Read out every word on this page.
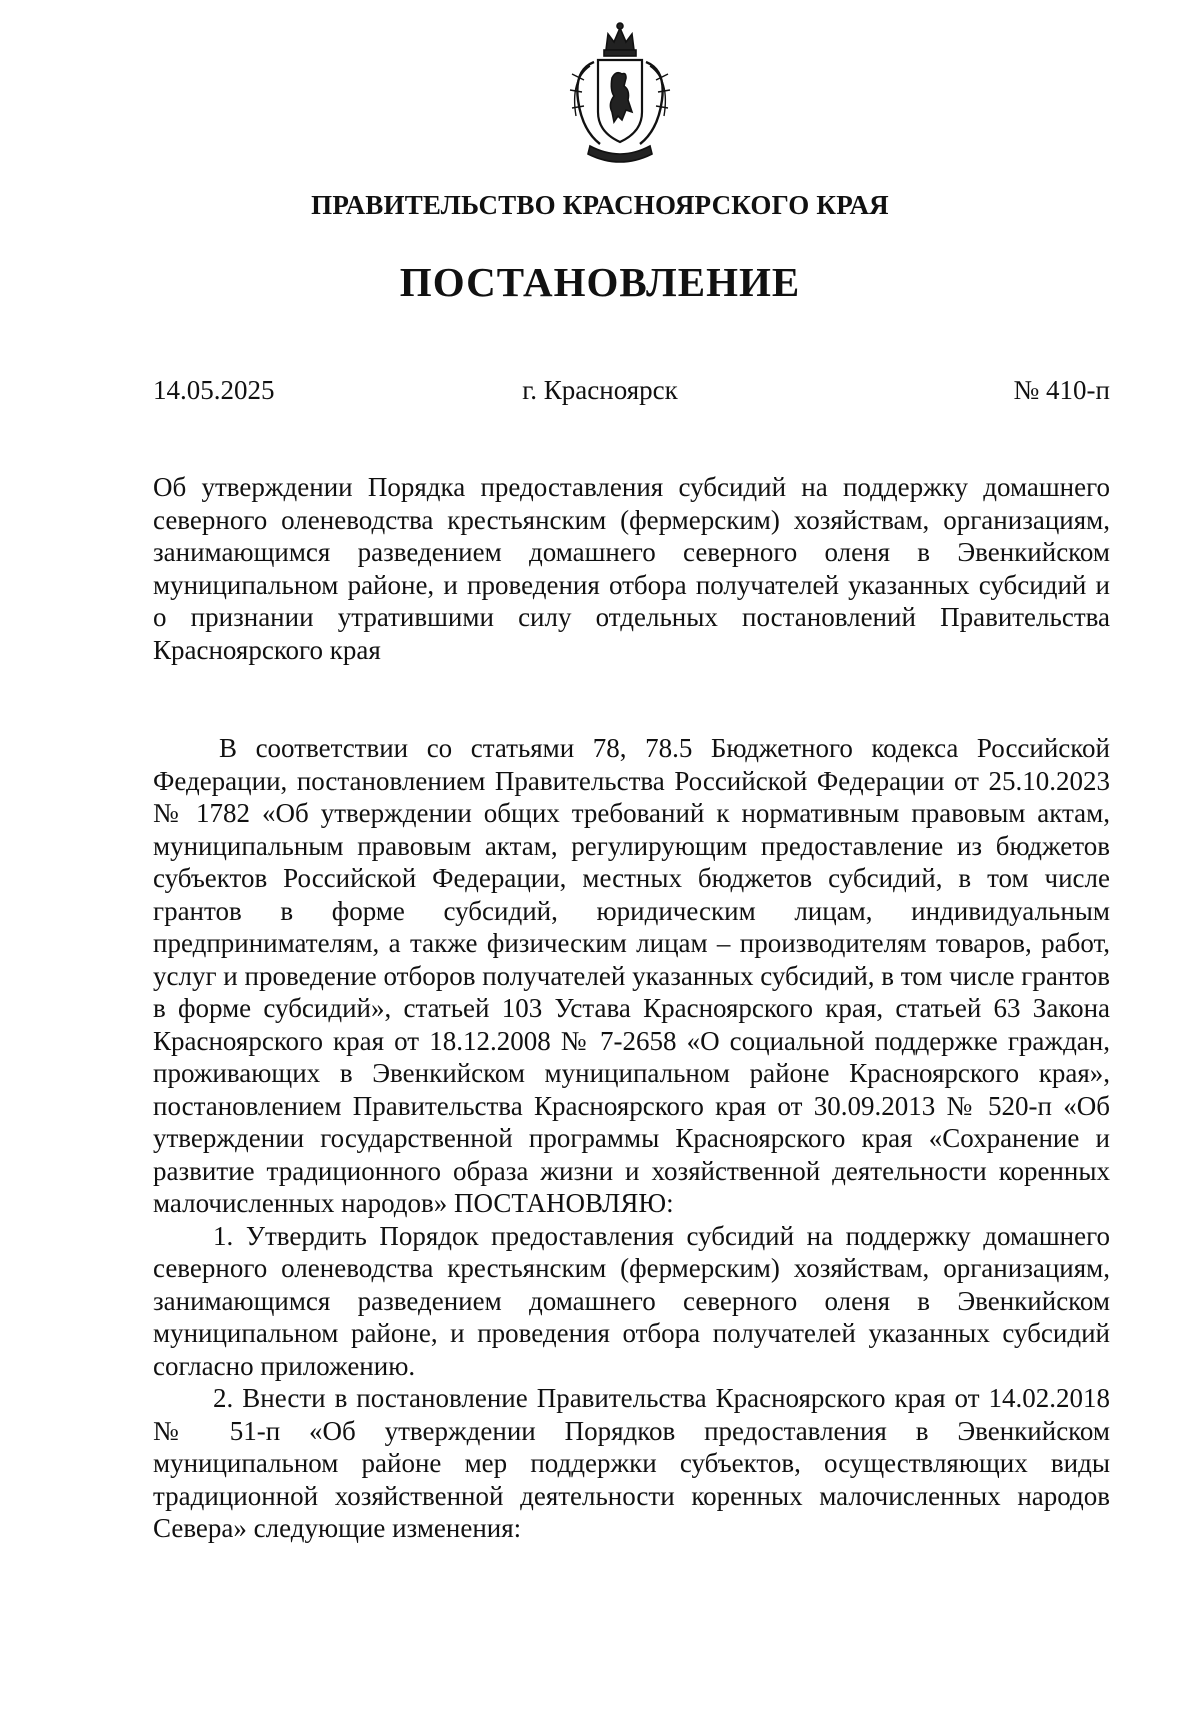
ПРАВИТЕЛЬСТВО КРАСНОЯРСКОГО КРАЯ
ПОСТАНОВЛЕНИЕ
14.05.2025	г. Красноярск	№ 410-п

Об утверждении Порядка предоставления субсидий на поддержку домашнего северного оленеводства крестьянским (фермерским) хозяйствам, организациям, занимающимся разведением домашнего северного оленя в Эвенкийском муниципальном районе, и проведения отбора получателей указанных субсидий и о признании утратившими силу отдельных постановлений Правительства Красноярского края

В соответствии со статьями 78, 78.5 Бюджетного кодекса Российской Федерации, постановлением Правительства Российской Федерации от 25.10.2023 № 1782 «Об утверждении общих требований к нормативным правовым актам, муниципальным правовым актам, регулирующим предоставление из бюджетов субъектов Российской Федерации, местных бюджетов субсидий, в том числе грантов в форме субсидий, юридическим лицам, индивидуальным предпринимателям, а также физическим лицам – производителям товаров, работ, услуг и проведение отборов получателей указанных субсидий, в том числе грантов в форме субсидий», статьей 103 Устава Красноярского края, статьей 63 Закона Красноярского края от 18.12.2008 № 7-2658 «О социальной поддержке граждан, проживающих в Эвенкийском муниципальном районе Красноярского края», постановлением Правительства Красноярского края от 30.09.2013 № 520-п «Об утверждении государственной программы Красноярского края «Сохранение и развитие традиционного образа жизни и хозяйственной деятельности коренных малочисленных народов» ПОСТАНОВЛЯЮ:

1. Утвердить Порядок предоставления субсидий на поддержку домашнего северного оленеводства крестьянским (фермерским) хозяйствам, организациям, занимающимся разведением домашнего северного оленя в Эвенкийском муниципальном районе, и проведения отбора получателей указанных субсидий согласно приложению.

2. Внести в постановление Правительства Красноярского края от 14.02.2018 № 51-п «Об утверждении Порядков предоставления в Эвенкийском муниципальном районе мер поддержки субъектов, осуществляющих виды традиционной хозяйственной деятельности коренных малочисленных народов Севера» следующие изменения:
